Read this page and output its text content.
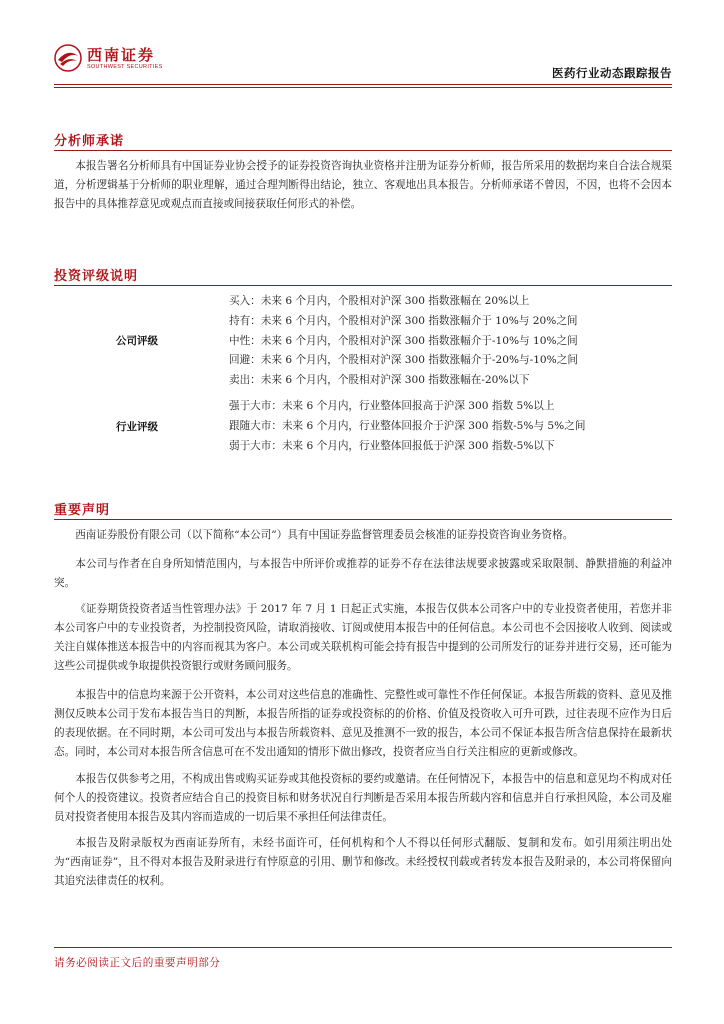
西南证券
SOUTHWEST SECURITIES	医药行业动态跟踪报告
分析师承诺

本报告署名分析师具有中国证券业协会授予的证券投资咨询执业资格并注册为证券分析师，报告所采用的数据均来自合法合规渠道，分析逻辑基于分析师的职业理解，通过合理判断得出结论，独立、客观地出具本报告。分析师承诺不曾因，不因，也将不会因本报告中的具体推荐意见或观点而直接或间接获取任何形式的补偿。

投资评级说明
公司评级
买入：未来 6 个月内，个股相对沪深 300 指数涨幅在 20%以上
持有：未来 6 个月内，个股相对沪深 300 指数涨幅介于 10%与 20%之间
中性：未来 6 个月内，个股相对沪深 300 指数涨幅介于-10%与 10%之间
回避：未来 6 个月内，个股相对沪深 300 指数涨幅介于-20%与-10%之间
卖出：未来 6 个月内，个股相对沪深 300 指数涨幅在-20%以下
行业评级
强于大市：未来 6 个月内，行业整体回报高于沪深 300 指数 5%以上
跟随大市：未来 6 个月内，行业整体回报介于沪深 300 指数-5%与 5%之间
弱于大市：未来 6 个月内，行业整体回报低于沪深 300 指数-5%以下
重要声明

西南证券股份有限公司（以下简称“本公司”）具有中国证券监督管理委员会核准的证券投资咨询业务资格。

本公司与作者在自身所知情范围内，与本报告中所评价或推荐的证券不存在法律法规要求披露或采取限制、静默措施的利益冲突。

《证券期货投资者适当性管理办法》于 2017 年 7 月 1 日起正式实施，本报告仅供本公司客户中的专业投资者使用，若您并非本公司客户中的专业投资者，为控制投资风险，请取消接收、订阅或使用本报告中的任何信息。本公司也不会因接收人收到、阅读或关注自媒体推送本报告中的内容而视其为客户。本公司或关联机构可能会持有报告中提到的公司所发行的证券并进行交易，还可能为这些公司提供或争取提供投资银行或财务顾问服务。

本报告中的信息均来源于公开资料，本公司对这些信息的准确性、完整性或可靠性不作任何保证。本报告所载的资料、意见及推测仅反映本公司于发布本报告当日的判断，本报告所指的证券或投资标的的价格、价值及投资收入可升可跌，过往表现不应作为日后的表现依据。在不同时期，本公司可发出与本报告所载资料、意见及推测不一致的报告，本公司不保证本报告所含信息保持在最新状态。同时，本公司对本报告所含信息可在不发出通知的情形下做出修改，投资者应当自行关注相应的更新或修改。

本报告仅供参考之用，不构成出售或购买证券或其他投资标的要约或邀请。在任何情况下，本报告中的信息和意见均不构成对任何个人的投资建议。投资者应结合自己的投资目标和财务状况自行判断是否采用本报告所载内容和信息并自行承担风险，本公司及雇员对投资者使用本报告及其内容而造成的一切后果不承担任何法律责任。

本报告及附录版权为西南证券所有，未经书面许可，任何机构和个人不得以任何形式翻版、复制和发布。如引用须注明出处为“西南证券”，且不得对本报告及附录进行有悖原意的引用、删节和修改。未经授权刊载或者转发本报告及附录的，本公司将保留向其追究法律责任的权利。

请务必阅读正文后的重要声明部分
